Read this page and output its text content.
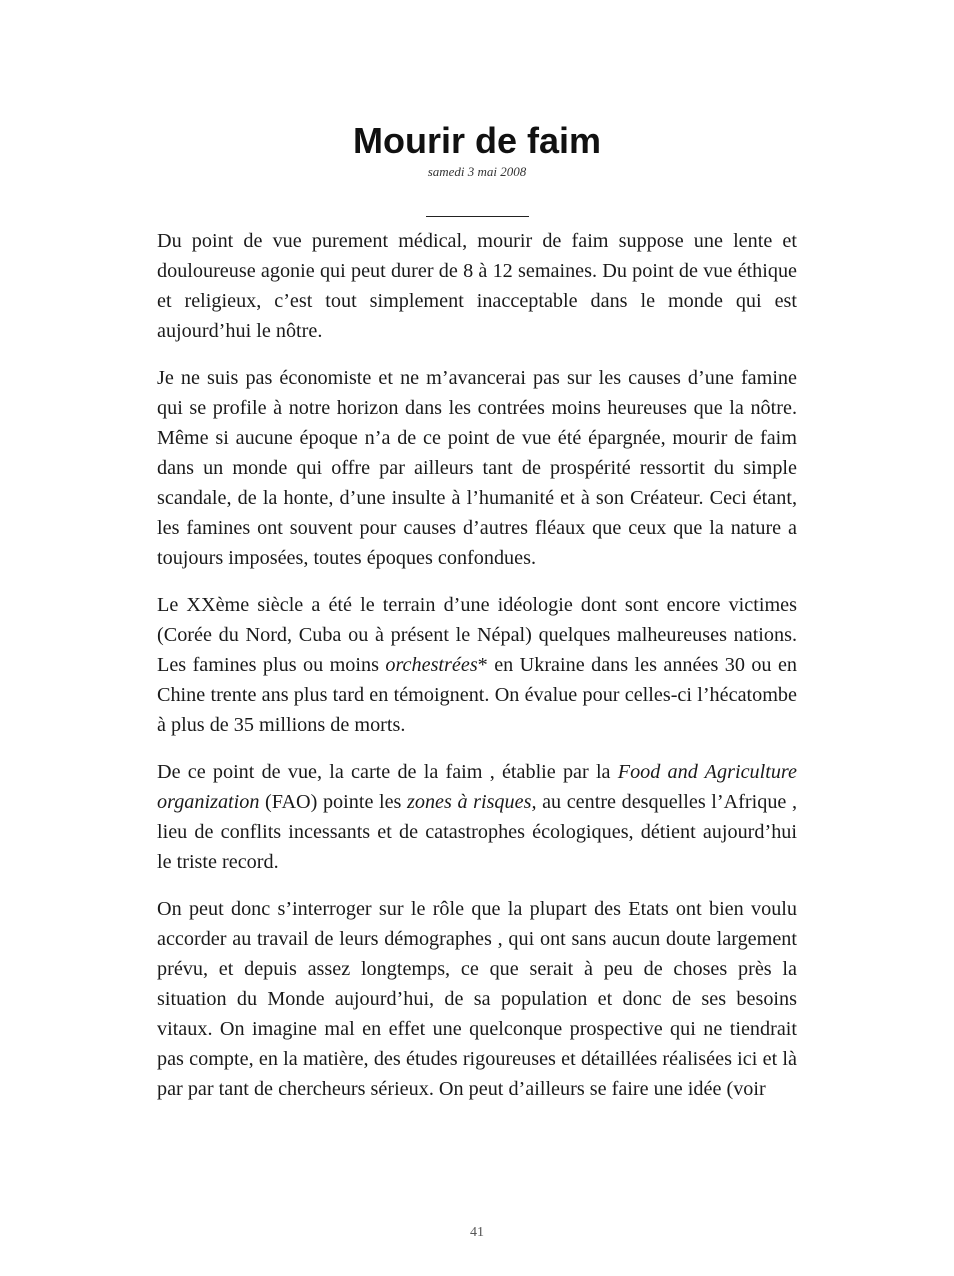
Mourir de faim
samedi 3 mai 2008

Du point de vue purement médical, mourir de faim suppose une lente et douloureuse agonie qui peut durer de 8 à 12 semaines. Du point de vue éthique et religieux, c’est tout simplement inacceptable dans le monde qui est aujourd’hui le nôtre.

Je ne suis pas économiste et ne m’avancerai pas sur les causes d’une famine qui se profile à notre horizon dans les contrées moins heureuses que la nôtre. Même si aucune époque n’a de ce point de vue été épargnée, mourir de faim dans un monde qui offre par ailleurs tant de prospérité ressortit du simple scandale, de la honte, d’une insulte à l’humanité et à son Créateur. Ceci étant, les famines ont souvent pour causes d’autres fléaux que ceux que la nature a toujours imposées, toutes époques confondues.

Le XXème siècle a été le terrain d’une idéologie dont sont encore victimes (Corée du Nord, Cuba ou à présent le Népal) quelques malheureuses nations. Les famines plus ou moins orchestrées* en Ukraine dans les années 30 ou en Chine trente ans plus tard en témoignent. On évalue pour celles-ci l’hécatombe à plus de 35 millions de morts.

De ce point de vue, la carte de la faim , établie par la Food and Agriculture organization (FAO) pointe les zones à risques, au centre desquelles l’Afrique , lieu de conflits incessants et de catastrophes écologiques, détient aujourd’hui le triste record.

On peut donc s’interroger sur le rôle que la plupart des Etats ont bien voulu accorder au travail de leurs démographes , qui ont sans aucun doute largement prévu, et depuis assez longtemps, ce que serait à peu de choses près la situation du Monde aujourd’hui, de sa population et donc de ses besoins vitaux. On imagine mal en effet une quelconque prospective qui ne tiendrait pas compte, en la matière, des études rigoureuses et détaillées réalisées ici et là par par tant de chercheurs sérieux. On peut d’ailleurs se faire une idée (voir

41
